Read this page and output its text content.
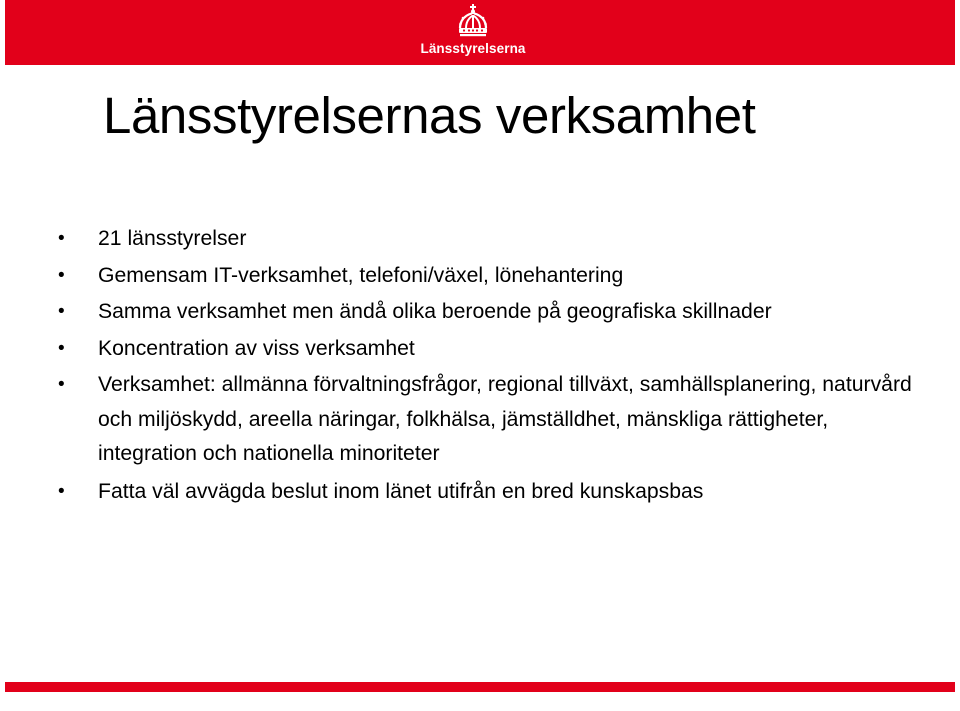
Länsstyrelserna
Länsstyrelsernas verksamhet
• 21 länsstyrelser
• Gemensam IT-verksamhet, telefoni/växel, lönehantering
• Samma verksamhet men ändå olika beroende på geografiska skillnader
• Koncentration av viss verksamhet
• Verksamhet: allmänna förvaltningsfrågor, regional tillväxt, samhällsplanering, naturvård och miljöskydd, areella näringar, folkhälsa, jämställdhet, mänskliga rättigheter, integration och nationella minoriteter
• Fatta väl avvägda beslut inom länet utifrån en bred kunskapsbas
